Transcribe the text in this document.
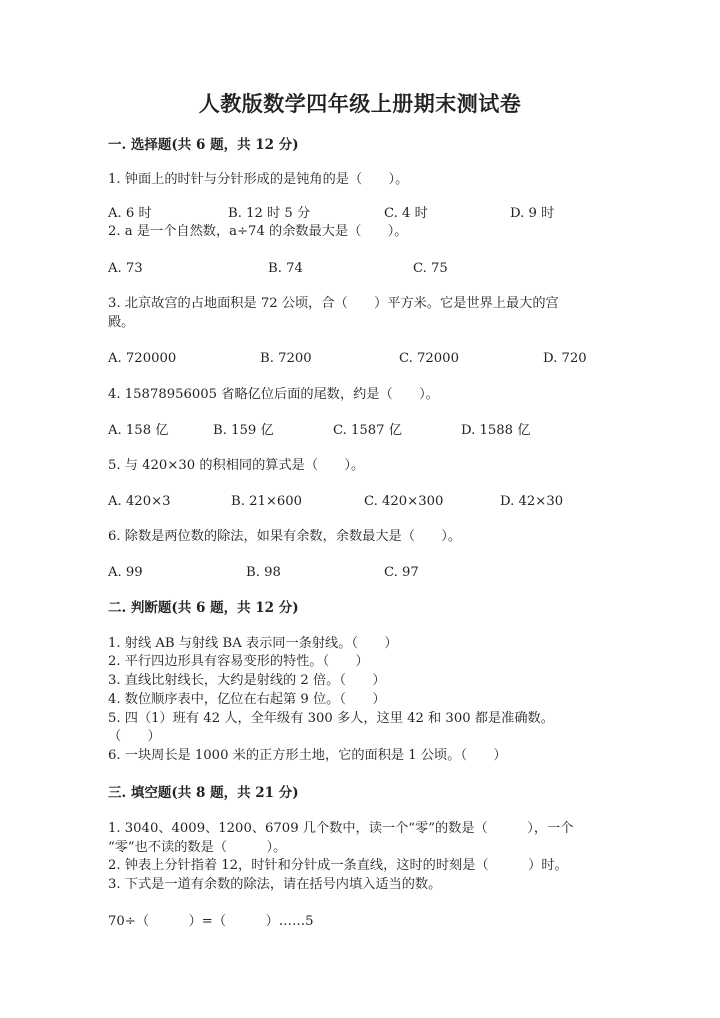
人教版数学四年级上册期末测试卷
一. 选择题(共 6 题，共 12 分)
1. 钟面上的时针与分针形成的是钝角的是（　　）。
A. 6 时	B. 12 时 5 分	C. 4 时	D. 9 时
2. a 是一个自然数，a÷74 的余数最大是（　　）。
A. 73	B. 74	C. 75
3. 北京故宫的占地面积是 72 公顷，合（　　）平方米。它是世界上最大的宫
殿。
A. 720000	B. 7200	C. 72000	D. 720
4. 15878956005 省略亿位后面的尾数，约是（　　）。
A. 158 亿	B. 159 亿	C. 1587 亿	D. 1588 亿
5. 与 420×30 的积相同的算式是（　　）。
A. 420×3	B. 21×600	C. 420×300	D. 42×30
6. 除数是两位数的除法，如果有余数，余数最大是（　　）。
A. 99	B. 98	C. 97
二. 判断题(共 6 题，共 12 分)
1. 射线 AB 与射线 BA 表示同一条射线。（　　）
2. 平行四边形具有容易变形的特性。（　　）
3. 直线比射线长，大约是射线的 2 倍。（　　）
4. 数位顺序表中，亿位在右起第 9 位。（　　）
5. 四（1）班有 42 人，全年级有 300 多人，这里 42 和 300 都是准确数。
（　　）
6. 一块周长是 1000 米的正方形土地，它的面积是 1 公顷。（　　）
三. 填空题(共 8 题，共 21 分)
1. 3040、4009、1200、6709 几个数中，读一个“零”的数是（　　　），一个
“零”也不读的数是（　　　）。
2. 钟表上分针指着 12，时针和分针成一条直线，这时的时刻是（　　　）时。
3. 下式是一道有余数的除法，请在括号内填入适当的数。
70÷（　　　）=（　　　）……5
